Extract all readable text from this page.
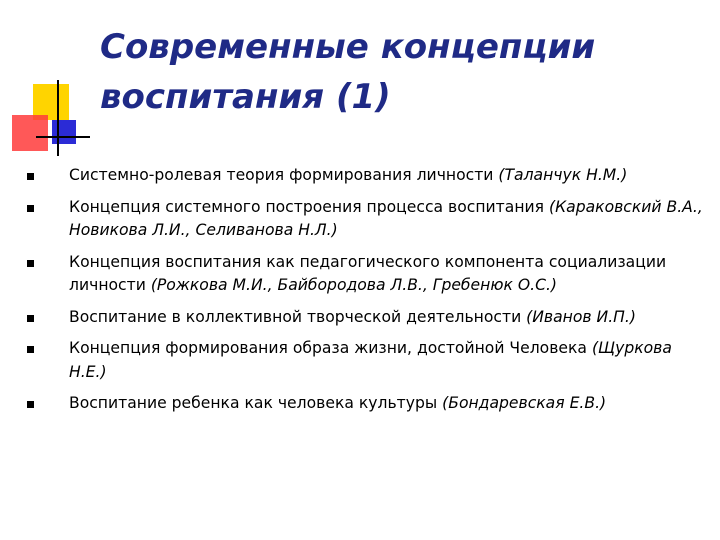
Современные концепции
воспитания (1)
Системно-ролевая теория формирования личности (Таланчук Н.М.)
Концепция системного построения процесса воспитания (Караковский В.А., Новикова Л.И., Селиванова Н.Л.)
Концепция воспитания как педагогического компонента социализации личности (Рожкова М.И., Байбородова Л.В., Гребенюк О.С.)
Воспитание в коллективной творческой деятельности (Иванов И.П.)
Концепция формирования образа жизни, достойной Человека (Щуркова Н.Е.)
Воспитание ребенка как человека культуры (Бондаревская Е.В.)
